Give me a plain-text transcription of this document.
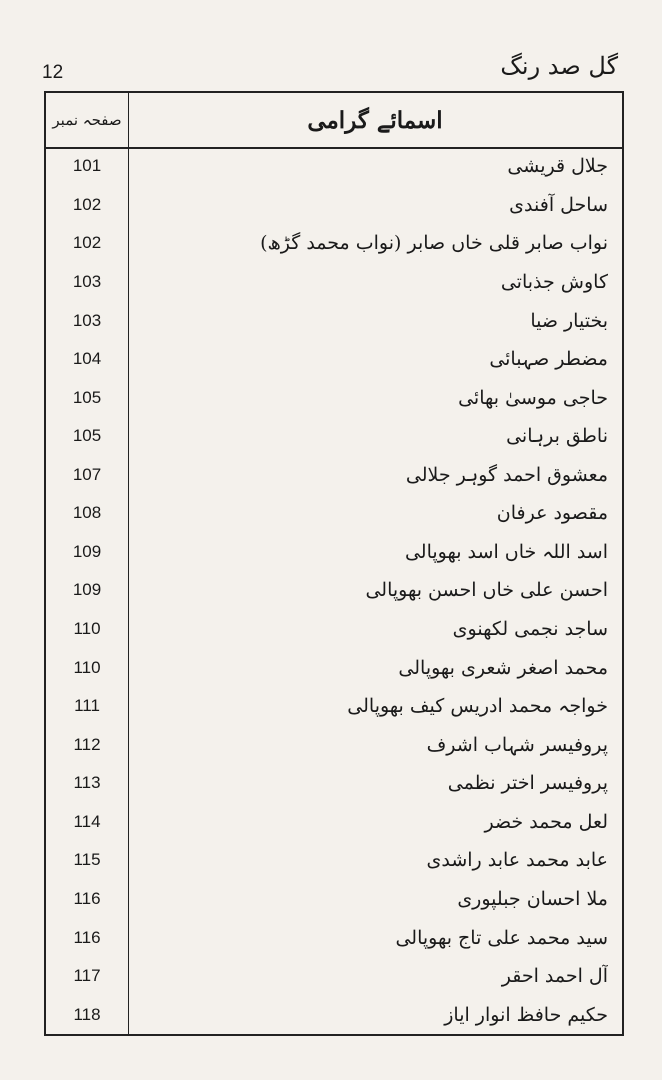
12	گل صد رنگ
صفحہ نمبر	اسمائے گرامی
101	جلال قریشی
102	ساحل آفندی
102	نواب صابر قلی خاں صابر (نواب محمد گڑھ)
103	کاوش جذباتی
103	بختیار ضیا
104	مضطر صہبائی
105	حاجی موسیٰ بھائی
105	ناطق برہانی
107	معشوق احمد گوہر جلالی
108	مقصود عرفان
109	اسد اللہ خاں اسد بھوپالی
109	احسن علی خاں احسن بھوپالی
110	ساجد نجمی لکھنوی
110	محمد اصغر شعری بھوپالی
111	خواجہ محمد ادریس کیف بھوپالی
112	پروفیسر شہاب اشرف
113	پروفیسر اختر نظمی
114	لعل محمد خضر
115	عابد محمد عابد راشدی
116	ملا احسان جبلپوری
116	سید محمد علی تاج بھوپالی
117	آل احمد احقر
118	حکیم حافظ انوار ایاز
